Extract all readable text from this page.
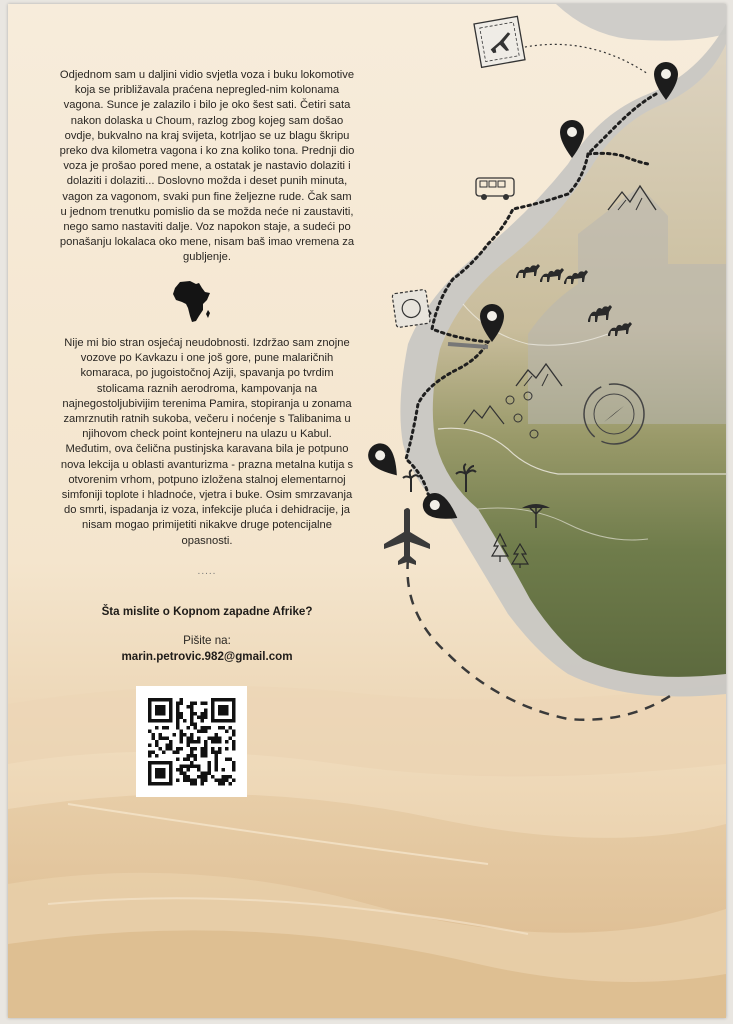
Odjednom sam u daljini vidio svjetla voza i buku lokomotive koja se približavala praćena nepregled-nim kolonama vagona. Sunce je zalazilo i bilo je oko šest sati. Četiri sata nakon dolaska u Choum, razlog zbog kojeg sam došao ovdje, bukvalno na kraj svijeta, kotrljao se uz blagu škripu preko dva kilometra vagona i ko zna koliko tona. Prednji dio voza je prošao pored mene, a ostatak je nastavio dolaziti i dolaziti i dolaziti... Doslovno možda i deset punih minuta, vagon za vagonom, svaki pun fine željezne rude. Čak sam u jednom trenutku pomislio da se možda neće ni zaustaviti, nego samo nastaviti dalje. Voz napokon staje, a sudeći po ponašanju lokalaca oko mene, nisam baš imao vremena za gubljenje.
Nije mi bio stran osjećaj neudobnosti. Izdržao sam znojne vozove po Kavkazu i one još gore, pune malaričnih komaraca, po jugoistočnoj Aziji, spavanja po tvrdim stolicama raznih aerodroma, kampovanja na najnegostoljubivijim terenima Pamira, stopiranja u zonama zamrznutih ratnih sukoba, večeru i noćenje s Talibanima u njihovom check point kontejneru na ulazu u Kabul. Međutim, ova čelična pustinjska karavana bila je potpuno nova lekcija u oblasti avanturizma - prazna metalna kutija s otvorenim vrhom, potpuno izložena stalnoj elementarnoj simfoniji toplote i hladnoće, vjetra i buke. Osim smrzavanja do smrti, ispadanja iz voza, infekcije pluća i dehidracije, ja nisam mogao primijetiti nikakve druge potencijalne opasnosti.
.....
Šta mislite o Kopnom zapadne Afrike?
Pišite na:
marin.petrovic.982@gmail.com
